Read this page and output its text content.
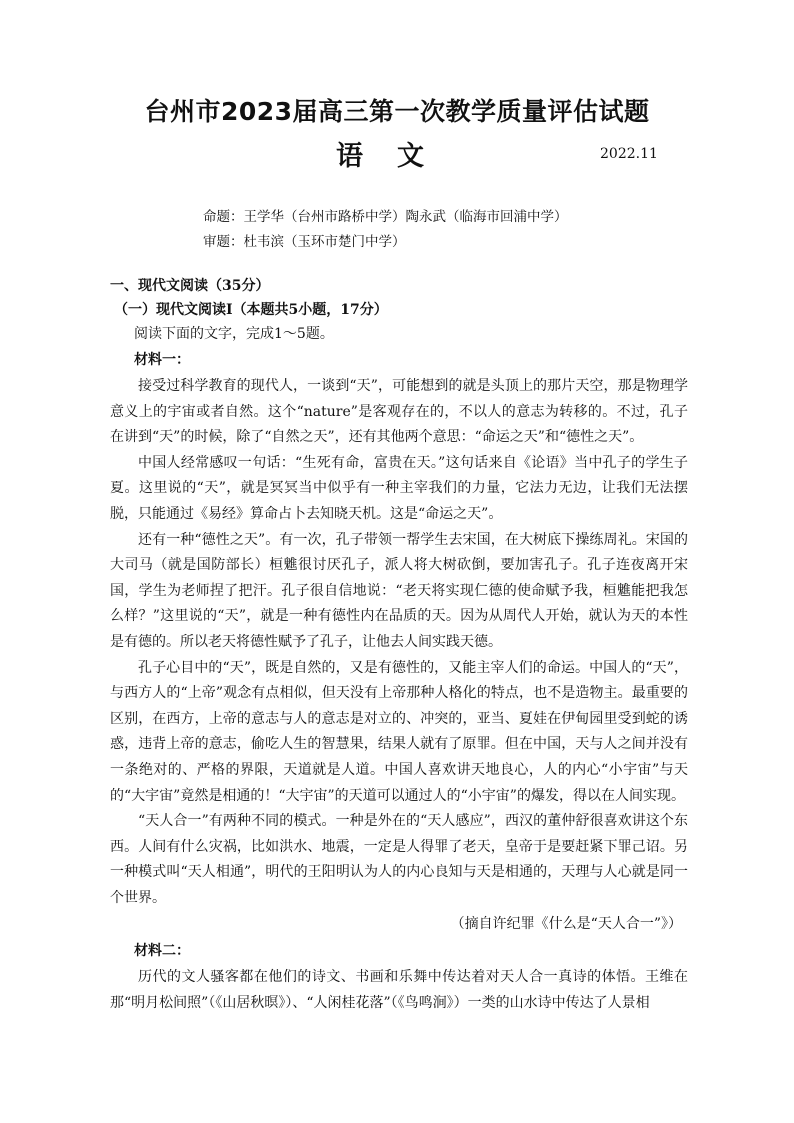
台州市2023届高三第一次教学质量评估试题
语文	2022.11
命题：王学华（台州市路桥中学）陶永武（临海市回浦中学）
审题：杜韦滨（玉环市楚门中学）
一、现代文阅读（35分）
（一）现代文阅读Ⅰ（本题共5小题，17分）
阅读下面的文字，完成1～5题。
材料一：

接受过科学教育的现代人，一谈到“天”，可能想到的就是头顶上的那片天空，那是物理学意义上的宇宙或者自然。这个“nature”是客观存在的，不以人的意志为转移的。不过，孔子在讲到“天”的时候，除了“自然之天”，还有其他两个意思：“命运之天”和“德性之天”。

中国人经常感叹一句话：“生死有命，富贵在天。”这句话来自《论语》当中孔子的学生子夏。这里说的“天”，就是冥冥当中似乎有一种主宰我们的力量，它法力无边，让我们无法摆脱，只能通过《易经》算命占卜去知晓天机。这是“命运之天”。

还有一种“德性之天”。有一次，孔子带领一帮学生去宋国，在大树底下操练周礼。宋国的大司马（就是国防部长）桓魋很讨厌孔子，派人将大树砍倒，要加害孔子。孔子连夜离开宋国，学生为老师捏了把汗。孔子很自信地说：“老天将实现仁德的使命赋予我，桓魋能把我怎么样？”这里说的“天”，就是一种有德性内在品质的天。因为从周代人开始，就认为天的本性是有德的。所以老天将德性赋予了孔子，让他去人间实践天德。

孔子心目中的“天”，既是自然的，又是有德性的，又能主宰人们的命运。中国人的“天”，与西方人的“上帝”观念有点相似，但天没有上帝那种人格化的特点，也不是造物主。最重要的区别，在西方，上帝的意志与人的意志是对立的、冲突的，亚当、夏娃在伊甸园里受到蛇的诱惑，违背上帝的意志，偷吃人生的智慧果，结果人就有了原罪。但在中国，天与人之间并没有一条绝对的、严格的界限，天道就是人道。中国人喜欢讲天地良心，人的内心“小宇宙”与天的“大宇宙”竟然是相通的！“大宇宙”的天道可以通过人的“小宇宙”的爆发，得以在人间实现。

“天人合一”有两种不同的模式。一种是外在的“天人感应”，西汉的董仲舒很喜欢讲这个东西。人间有什么灾祸，比如洪水、地震，一定是人得罪了老天，皇帝于是要赶紧下罪己诏。另一种模式叫“天人相通”，明代的王阳明认为人的内心良知与天是相通的，天理与人心就是同一个世界。

（摘自许纪罪《什么是“天人合一”》）
材料二：

历代的文人骚客都在他们的诗文、书画和乐舞中传达着对天人合一真诗的体悟。王维在那“明月松间照”（《山居秋暝》）、“人闲桂花落”（《鸟鸣涧》）一类的山水诗中传达了人景相
